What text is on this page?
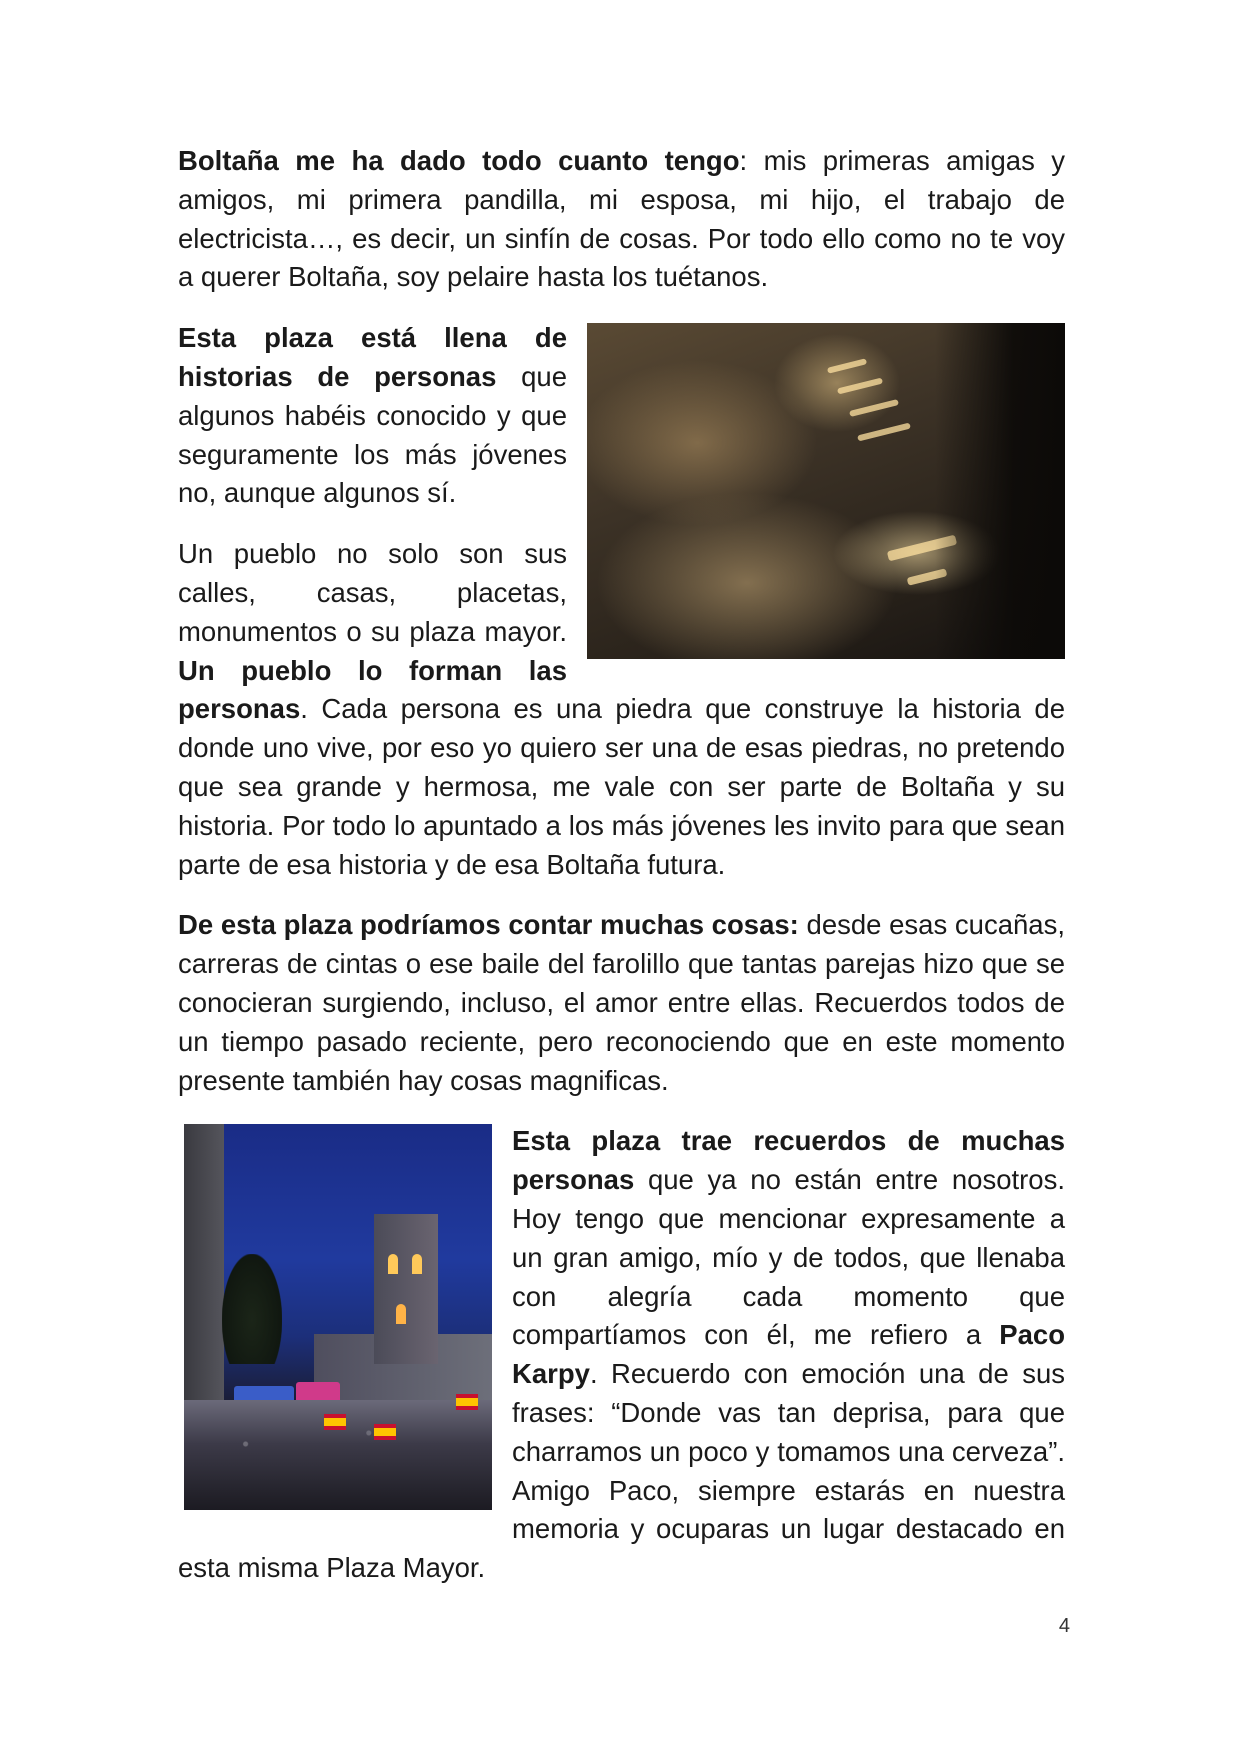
Boltaña me ha dado todo cuanto tengo: mis primeras amigas y amigos, mi primera pandilla, mi esposa, mi hijo, el trabajo de electricista…, es decir, un sinfín de cosas. Por todo ello como no te voy a querer Boltaña, soy pelaire hasta los tuétanos.

Esta plaza está llena de historias de personas que algunos habéis conocido y que seguramente los más jóvenes no, aunque algunos sí.

Un pueblo no solo son sus calles, casas, placetas, monumentos o su plaza mayor. Un pueblo lo forman las personas. Cada persona es una piedra que construye la historia de donde uno vive, por eso yo quiero ser una de esas piedras, no pretendo que sea grande y hermosa, me vale con ser parte de Boltaña y su historia. Por todo lo apuntado a los más jóvenes les invito para que sean parte de esa historia y de esa Boltaña futura.

De esta plaza podríamos contar muchas cosas: desde esas cucañas, carreras de cintas o ese baile del farolillo que tantas parejas hizo que se conocieran surgiendo, incluso, el amor entre ellas. Recuerdos todos de un tiempo pasado reciente, pero reconociendo que en este momento presente también hay cosas magnificas.

Esta plaza trae recuerdos de muchas personas que ya no están entre nosotros. Hoy tengo que mencionar expresamente a un gran amigo, mío y de todos, que llenaba con alegría cada momento que compartíamos con él, me refiero a Paco Karpy. Recuerdo con emoción una de sus frases: “Donde vas tan deprisa, para que charramos un poco y tomamos una cerveza”. Amigo Paco, siempre estarás en nuestra memoria y ocuparas un lugar destacado en esta misma Plaza Mayor.

4
